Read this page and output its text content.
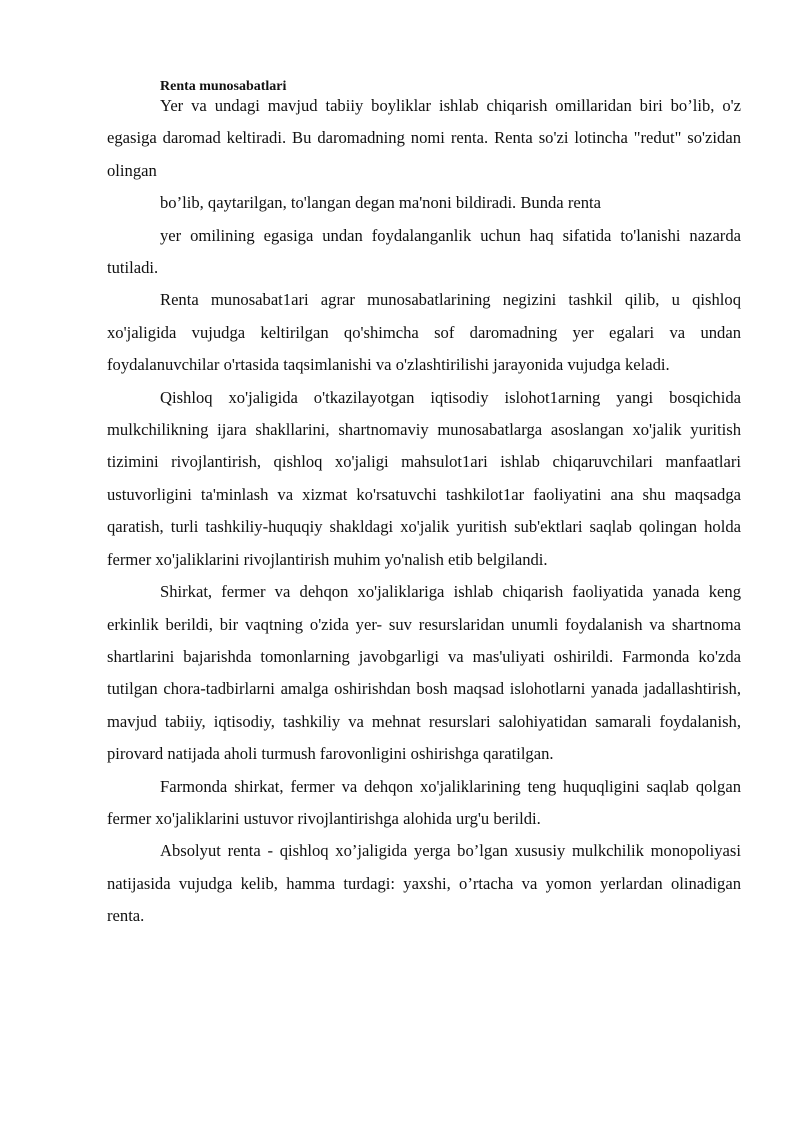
Renta munosabatlari

Yer va undagi mavjud tabiiy boyliklar ishlab chiqarish omillaridan biri bo’lib, o'z egasiga daromad keltiradi. Bu daromadning nomi renta. Renta so'zi lotincha "redut" so'zidan olingan

bo’lib, qaytarilgan, to'langan degan ma'noni bildiradi. Bunda renta

yer omilining egasiga undan foydalanganlik uchun haq sifatida to'lanishi nazarda tutiladi.

Renta munosabat1ari agrar munosabatlarining negizini tashkil qilib, u qishloq xo'jaligida vujudga keltirilgan qo'shimcha sof daromadning yer egalari va undan foydalanuvchilar o'rtasida taqsimlanishi va o'zlashtirilishi jarayonida vujudga keladi.

Qishloq xo'jaligida o'tkazilayotgan iqtisodiy islohot1arning yangi bosqichida mulkchilikning ijara shakllarini, shartnomaviy munosabatlarga asoslangan xo'jalik yuritish tizimini rivojlantirish, qishloq xo'jaligi mahsulot1ari ishlab chiqaruvchilari manfaatlari ustuvorligini ta'minlash va xizmat ko'rsatuvchi tashkilot1ar faoliyatini ana shu maqsadga qaratish, turli tashkiliy-huquqiy shakldagi xo'jalik yuritish sub'ektlari saqlab qolingan holda fermer xo'jaliklarini rivojlantirish muhim yo'nalish etib belgilandi.

Shirkat, fermer va dehqon xo'jaliklariga ishlab chiqarish faoliyatida yanada keng erkinlik berildi, bir vaqtning o'zida yer- suv resurslaridan unumli foydalanish va shartnoma shartlarini bajarishda tomonlarning javobgarligi va mas'uliyati oshirildi. Farmonda ko'zda tutilgan chora-tadbirlarni amalga oshirishdan bosh maqsad islohotlarni yanada jadallashtirish, mavjud tabiiy, iqtisodiy, tashkiliy va mehnat resurslari salohiyatidan samarali foydalanish, pirovard natijada aholi turmush farovonligini oshirishga qaratilgan.

Farmonda shirkat, fermer va dehqon xo'jaliklarining teng huquqligini saqlab qolgan fermer xo'jaliklarini ustuvor rivojlantirishga alohida urg'u berildi.

Absolyut renta - qishloq xo’jaligida yerga bo’lgan xususiy mulkchilik monopoliyasi natijasida vujudga kelib, hamma turdagi: yaxshi, o’rtacha va yomon yerlardan olinadigan renta.
